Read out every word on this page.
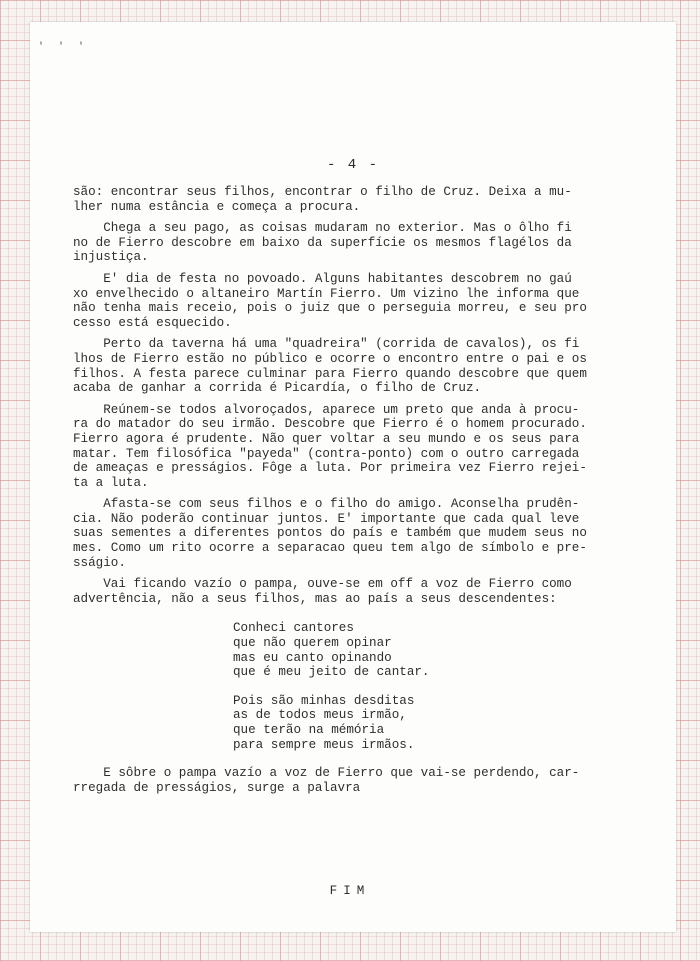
' ' '
- 4 -
são: encontrar seus filhos, encontrar o filho de Cruz. Deixa a mu-
lher numa estância e começa a procura.
Chega a seu pago, as coisas mudaram no exterior. Mas o ôlho fi
no de Fierro descobre em baixo da superfície os mesmos flagélos da
injustiça.
E' dia de festa no povoado. Alguns habitantes descobrem no gaú
xo envelhecido o altaneiro Martín Fierro. Um vizino lhe informa que
não tenha mais receio, pois o juiz que o perseguia morreu, e seu pro
cesso está esquecido.
Perto da taverna há uma "quadreira" (corrida de cavalos), os fi
lhos de Fierro estão no público e ocorre o encontro entre o pai e os
filhos. A festa parece culminar para Fierro quando descobre que quem
acaba de ganhar a corrida é Picardía, o filho de Cruz.
Reúnem-se todos alvoroçados, aparece um preto que anda à procu-
ra do matador do seu irmão. Descobre que Fierro é o homem procurado.
Fierro agora é prudente. Não quer voltar a seu mundo e os seus para
matar. Tem filosófica "payeda" (contra-ponto) com o outro carregada
de ameaças e presságios. Fôge a luta. Por primeira vez Fierro rejei-
ta a luta.
Afasta-se com seus filhos e o filho do amigo. Aconselha prudên-
cia. Não poderão continuar juntos. E' importante que cada qual leve
suas sementes a diferentes pontos do país e também que mudem seus no
mes. Como um rito ocorre a separacao queu tem algo de símbolo e pre-
sságio.
Vai ficando vazío o pampa, ouve-se em off a voz de Fierro como
advertência, não a seus filhos, mas ao país a seus descendentes:
Conheci cantores
que não querem opinar
mas eu canto opinando
que é meu jeito de cantar.
Pois são minhas desditas
as de todos meus irmão,
que terão na mémória
para sempre meus irmãos.
E sôbre o pampa vazío a voz de Fierro que vai-se perdendo, car-
rregada de presságios, surge a palavra
FIM
